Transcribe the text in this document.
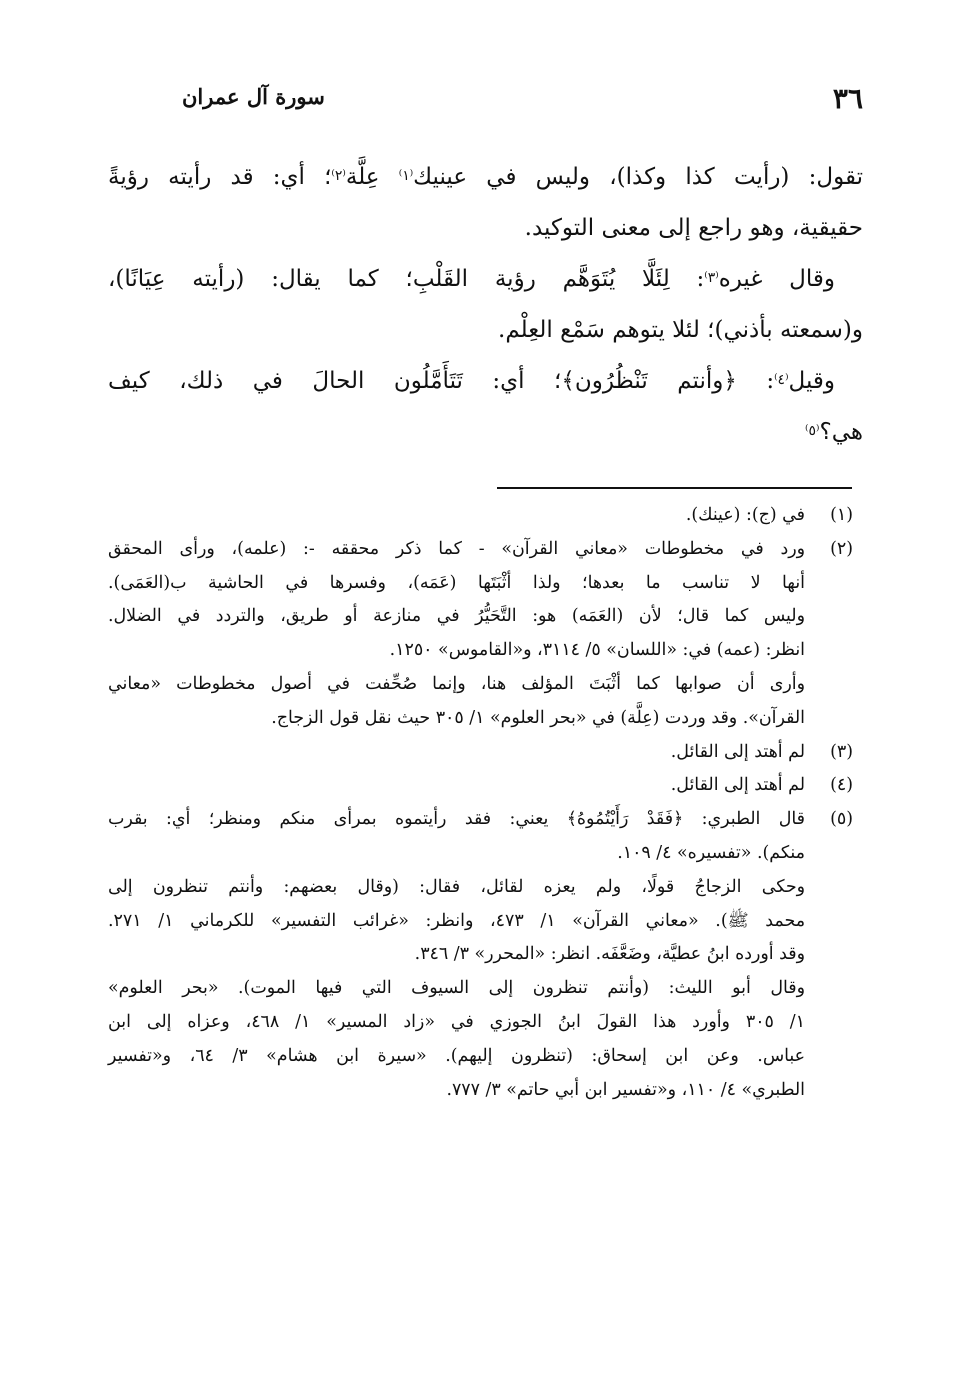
٣٦
سورة آل عمران
تقول: (رأيت كذا وكذا)، وليس في عينيك$^{^(١^)}$ عِلَّة$^{^(٢^)}$؛ أي: قد رأيته رؤيةً
حقيقية، وهو راجع إلى معنى التوكيد.
وقال غيره$^{^(٣^)}$: لِئَلَّا يُتَوَهَّم رؤية القَلْبِ؛ كما يقال: (رأيته عِيَانًا)،
و(سمعته بأذني)؛ لئلا يتوهم سَمْع العِلْم.
وقيل$^{^(٤^)}$: ﴿وأنتم تَنْظُرُون﴾؛ أي: تَتَأَمَّلُون الحالَ في ذلك، كيف
هي؟$^{^(٥^)}$
(١)
في (ج): (عينك).
(٢)
ورد في مخطوطات «معاني القرآن» - كما ذكر محققه -: (علمه)، ورأى المحقق
أنها لا تناسب ما بعدها؛ ولذا أثْبَتَها (عَمَه)، وفسرها في الحاشية ب(العَمَى).
وليس كما قال؛ لأن (العَمَه) هو: التَّحَيُّرُ في منازعة أو طريق، والتردد في الضلال.
انظر: (عمه) في: «اللسان» ٥/ ٣١١٤، و«القاموس» ١٢٥٠.
وأرى أن صوابها كما أثْبَتَ المؤلف هنا، وإنما صُحِّفت في أصول مخطوطات «معاني
القرآن». وقد وردت (عِلَّة) في «بحر العلوم» ١/ ٣٠٥ حيث نقل قول الزجاج.
(٣)
لم أهتد إلى القائل.
(٤)
لم أهتد إلى القائل.
(٥)
قال الطبري: ﴿فَقَدْ رَأَيْتُمُوهُ﴾ يعني: فقد رأيتموه بمرأى منكم ومنظر؛ أي: بقرب
منكم). «تفسيره» ٤/ ١٠٩.
وحكى الزجاجُ قولًا، ولم يعزه لقائل، فقال: (وقال بعضهم: وأنتم تنظرون إلى
محمد ﷺ). «معاني القرآن» ١/ ٤٧٣، وانظر: «غرائب التفسير» للكرماني ١/ ٢٧١.
وقد أورده ابنُ عطيَّة، وضَعَّفَه. انظر: «المحرر» ٣/ ٣٤٦.
وقال أبو الليث: (وأنتم تنظرون إلى السيوف التي فيها الموت). «بحر العلوم»
١/ ٣٠٥ وأورد هذا القولَ ابنُ الجوزي في «زاد المسير» ١/ ٤٦٨، وعزاه إلى ابن
عباس. وعن ابن إسحاق: (تنظرون إليهم). «سيرة ابن هشام» ٣/ ٦٤، و«تفسير
الطبري» ٤/ ١١٠، و«تفسير ابن أبي حاتم» ٣/ ٧٧٧.
